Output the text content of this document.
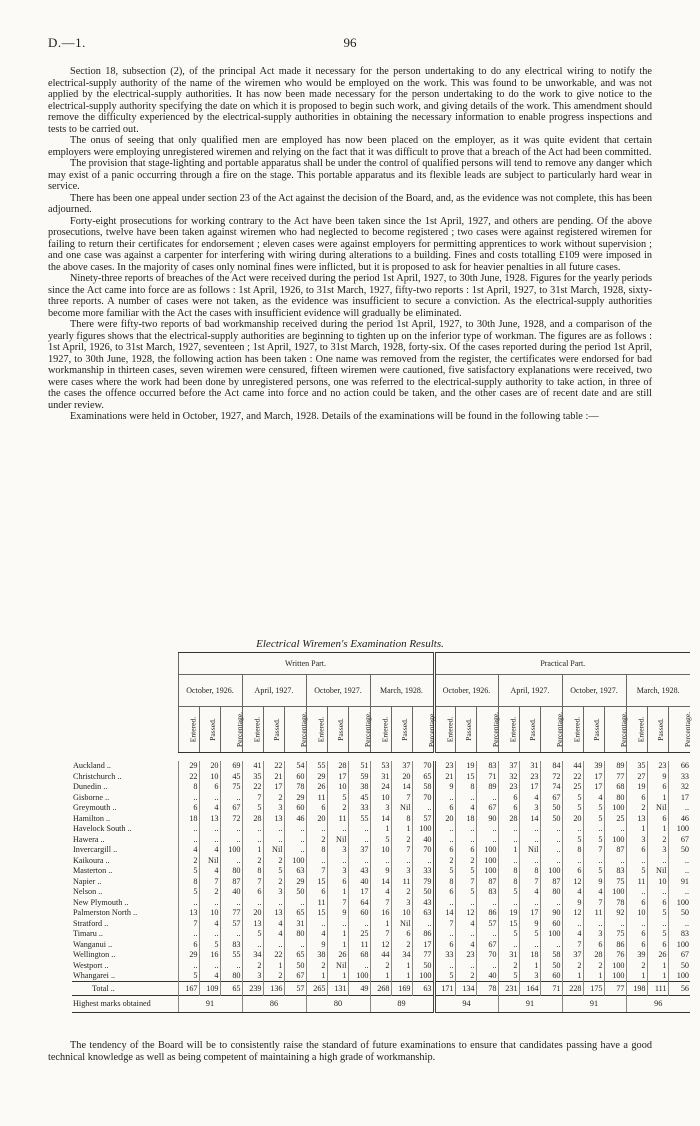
D.—1.	96

Section 18, subsection (2), of the principal Act made it necessary for the person undertaking to do any electrical wiring to notify the electrical-supply authority of the name of the wiremen who would be employed on the work. This was found to be unworkable, and was not applied by the electrical-supply authorities. It has now been made necessary for the person undertaking to do the work to give notice to the electrical-supply authority specifying the date on which it is proposed to begin such work, and giving details of the work. This amendment should remove the difficulty experienced by the electrical-supply authorities in obtaining the necessary information to enable progress inspections and tests to be carried out.

The onus of seeing that only qualified men are employed has now been placed on the employer, as it was quite evident that certain employers were employing unregistered wiremen and relying on the fact that it was difficult to prove that a breach of the Act had been committed.

The provision that stage-lighting and portable apparatus shall be under the control of qualified persons will tend to remove any danger which may exist of a panic occurring through a fire on the stage. This portable apparatus and its flexible leads are subject to particularly hard wear in service.

There has been one appeal under section 23 of the Act against the decision of the Board, and, as the evidence was not complete, this has been adjourned.

Forty-eight prosecutions for working contrary to the Act have been taken since the 1st April, 1927, and others are pending. Of the above prosecutions, twelve have been taken against wiremen who had neglected to become registered ; two cases were against registered wiremen for failing to return their certificates for endorsement ; eleven cases were against employers for permitting apprentices to work without supervision ; and one case was against a carpenter for interfering with wiring during alterations to a building. Fines and costs totalling £109 were imposed in the above cases. In the majority of cases only nominal fines were inflicted, but it is proposed to ask for heavier penalties in all future cases.

Ninety-three reports of breaches of the Act were received during the period 1st April, 1927, to 30th June, 1928. Figures for the yearly periods since the Act came into force are as follows : 1st April, 1926, to 31st March, 1927, fifty-two reports : 1st April, 1927, to 31st March, 1928, sixty-three reports. A number of cases were not taken, as the evidence was insufficient to secure a conviction. As the electrical-supply authorities become more familiar with the Act the cases with insufficient evidence will gradually be eliminated.

There were fifty-two reports of bad workmanship received during the period 1st April, 1927, to 30th June, 1928, and a comparison of the yearly figures shows that the electrical-supply authorities are beginning to tighten up on the inferior type of workman. The figures are as follows : 1st April, 1926, to 31st March, 1927, seventeen ; 1st April, 1927, to 31st March, 1928, forty-six. Of the cases reported during the period 1st April, 1927, to 30th June, 1928, the following action has been taken : One name was removed from the register, the certificates were endorsed for bad workmanship in thirteen cases, seven wiremen were censured, fifteen wiremen were cautioned, five satisfactory explanations were received, two were cases where the work had been done by unregistered persons, one was referred to the electrical-supply authority to take action, in three of the cases the offence occurred before the Act came into force and no action could be taken, and the other cases are of recent date and are still under review.

Examinations were held in October, 1927, and March, 1928. Details of the examinations will be found in the following table :—

Electrical Wiremen's Examination Results.
	Written Part.												Practical Part.											
	October, 1926.			April, 1927.			October, 1927.			March, 1928.			October, 1926.			April, 1927.			October, 1927.			March, 1928.		
	Entered.	Passed.	Percentage.	Entered.	Passed.	Percentage.	Entered.	Passed.	Percentage.	Entered.	Passed.	Percentage.	Entered.	Passed.	Percentage.	Entered.	Passed.	Percentage.	Entered.	Passed.	Percentage.	Entered.	Passed.	Percentage.

Auckland ..	29	20	69	41	22	54	55	28	51	53	37	70	23	19	83	37	31	84	44	39	89	35	23	66
Christchurch ..	22	10	45	35	21	60	29	17	59	31	20	65	21	15	71	32	23	72	22	17	77	27	9	33
Dunedin ..	8	6	75	22	17	78	26	10	38	24	14	58	9	8	89	23	17	74	25	17	68	19	6	32
Gisborne ..	..	..	..	7	2	29	11	5	45	10	7	70	..	..	..	6	4	67	5	4	80	6	1	17
Greymouth ..	6	4	67	5	3	60	6	2	33	3	Nil	..	6	4	67	6	3	50	5	5	100	2	Nil	..
Hamilton ..	18	13	72	28	13	46	20	11	55	14	8	57	20	18	90	28	14	50	20	5	25	13	6	46
Havelock South ..	..	..	..	..	..	..	..	..	..	1	1	100	..	..	..	..	..	..	..	..	..	1	1	100
Hawera ..	..	..	..	..	..	..	2	Nil	..	5	2	40	..	..	..	..	..	..	5	5	100	3	2	67
Invercargill ..	4	4	100	1	Nil	..	8	3	37	10	7	70	6	6	100	1	Nil	..	8	7	87	6	3	50
Kaikoura ..	2	Nil	..	2	2	100	..	..	..	..	..	..	2	2	100	..	..	..	..	..	..	..	..	..
Masterton ..	5	4	80	8	5	63	7	3	43	9	3	33	5	5	100	8	8	100	6	5	83	5	Nil	..
Napier ..	8	7	87	7	2	29	15	6	40	14	11	79	8	7	87	8	7	87	12	9	75	11	10	91
Nelson ..	5	2	40	6	3	50	6	1	17	4	2	50	6	5	83	5	4	80	4	4	100	..	..	..
New Plymouth ..	..	..	..	..	..	..	11	7	64	7	3	43	..	..	..	..	..	..	9	7	78	6	6	100
Palmerston North ..	13	10	77	20	13	65	15	9	60	16	10	63	14	12	86	19	17	90	12	11	92	10	5	50
Stratford ..	7	4	57	13	4	31	..	..	..	1	Nil	..	7	4	57	15	9	60	..	..	..	..	..	..
Timaru ..	..	..	..	5	4	80	4	1	25	7	6	86	..	..	..	5	5	100	4	3	75	6	5	83
Wanganui ..	6	5	83	..	..	..	9	1	11	12	2	17	6	4	67	..	..	..	7	6	86	6	6	100
Wellington ..	29	16	55	34	22	65	38	26	68	44	34	77	33	23	70	31	18	58	37	28	76	39	26	67
Westport ..	..	..	..	2	1	50	2	Nil	..	2	1	50	..	..	..	2	1	50	2	2	100	2	1	50
Whangarei ..	5	4	80	3	2	67	1	1	100	1	1	100	5	2	40	5	3	60	1	1	100	1	1	100
Total ..	167	109	65	239	136	57	265	131	49	268	169	63	171	134	78	231	164	71	228	175	77	198	111	56
Highest marks obtained	91			86			80			89			94			91			91			96		

The tendency of the Board will be to consistently raise the standard of future examinations to ensure that candidates passing have a good technical knowledge as well as being competent of maintaining a high grade of workmanship.
